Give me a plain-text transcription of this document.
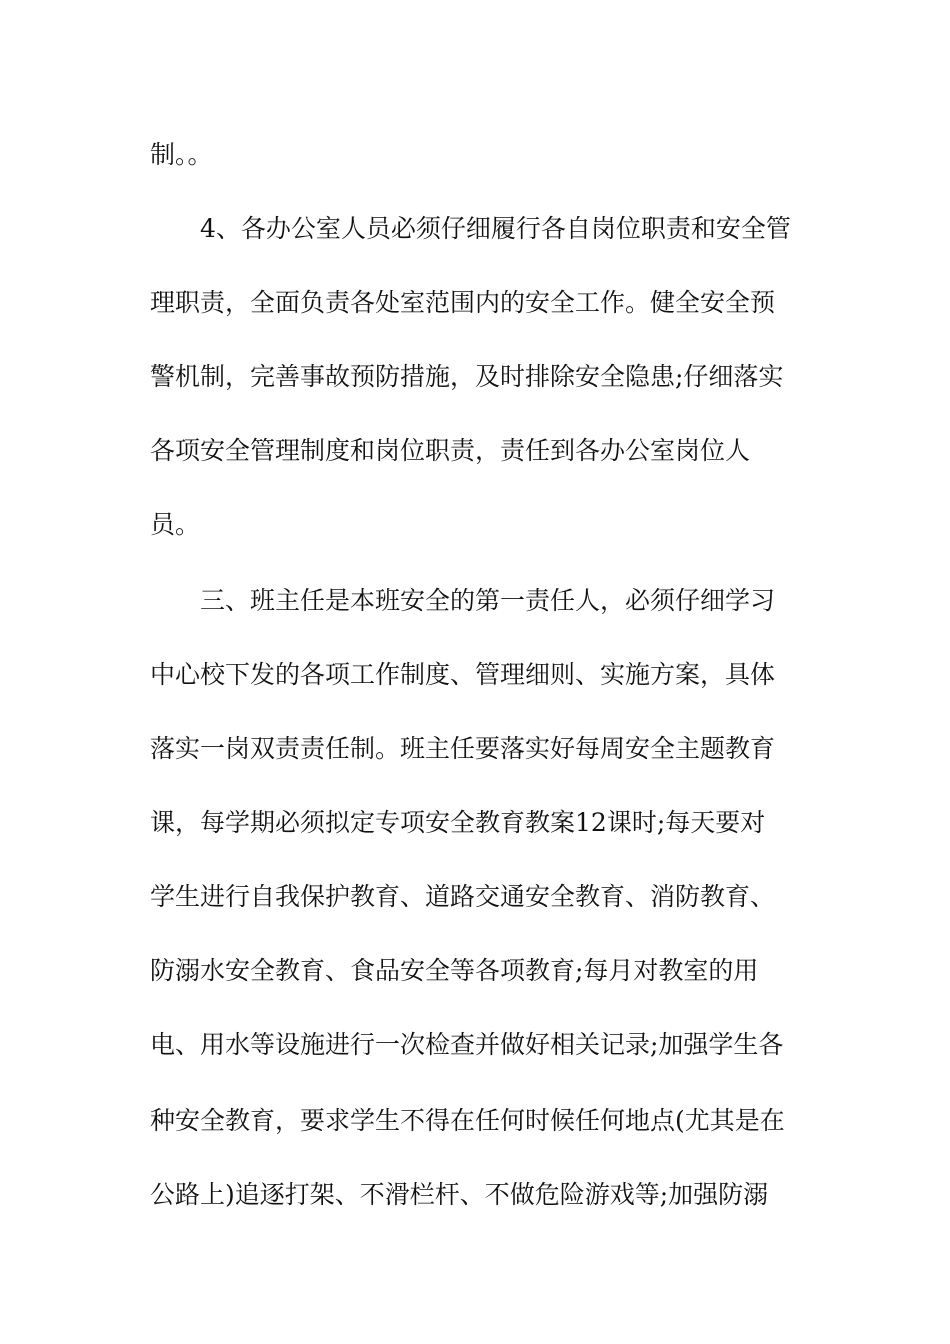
制。。
4、各办公室人员必须仔细履行各自岗位职责和安全管
理职责，全面负责各处室范围内的安全工作。健全安全预
警机制，完善事故预防措施，及时排除安全隐患;仔细落实
各项安全管理制度和岗位职责，责任到各办公室岗位人
员。
三、班主任是本班安全的第一责任人，必须仔细学习
中心校下发的各项工作制度、管理细则、实施方案，具体
落实一岗双责责任制。班主任要落实好每周安全主题教育
课，每学期必须拟定专项安全教育教案12课时;每天要对
学生进行自我保护教育、道路交通安全教育、消防教育、
防溺水安全教育、食品安全等各项教育;每月对教室的用
电、用水等设施进行一次检查并做好相关记录;加强学生各
种安全教育，要求学生不得在任何时候任何地点(尤其是在
公路上)追逐打架、不滑栏杆、不做危险游戏等;加强防溺
